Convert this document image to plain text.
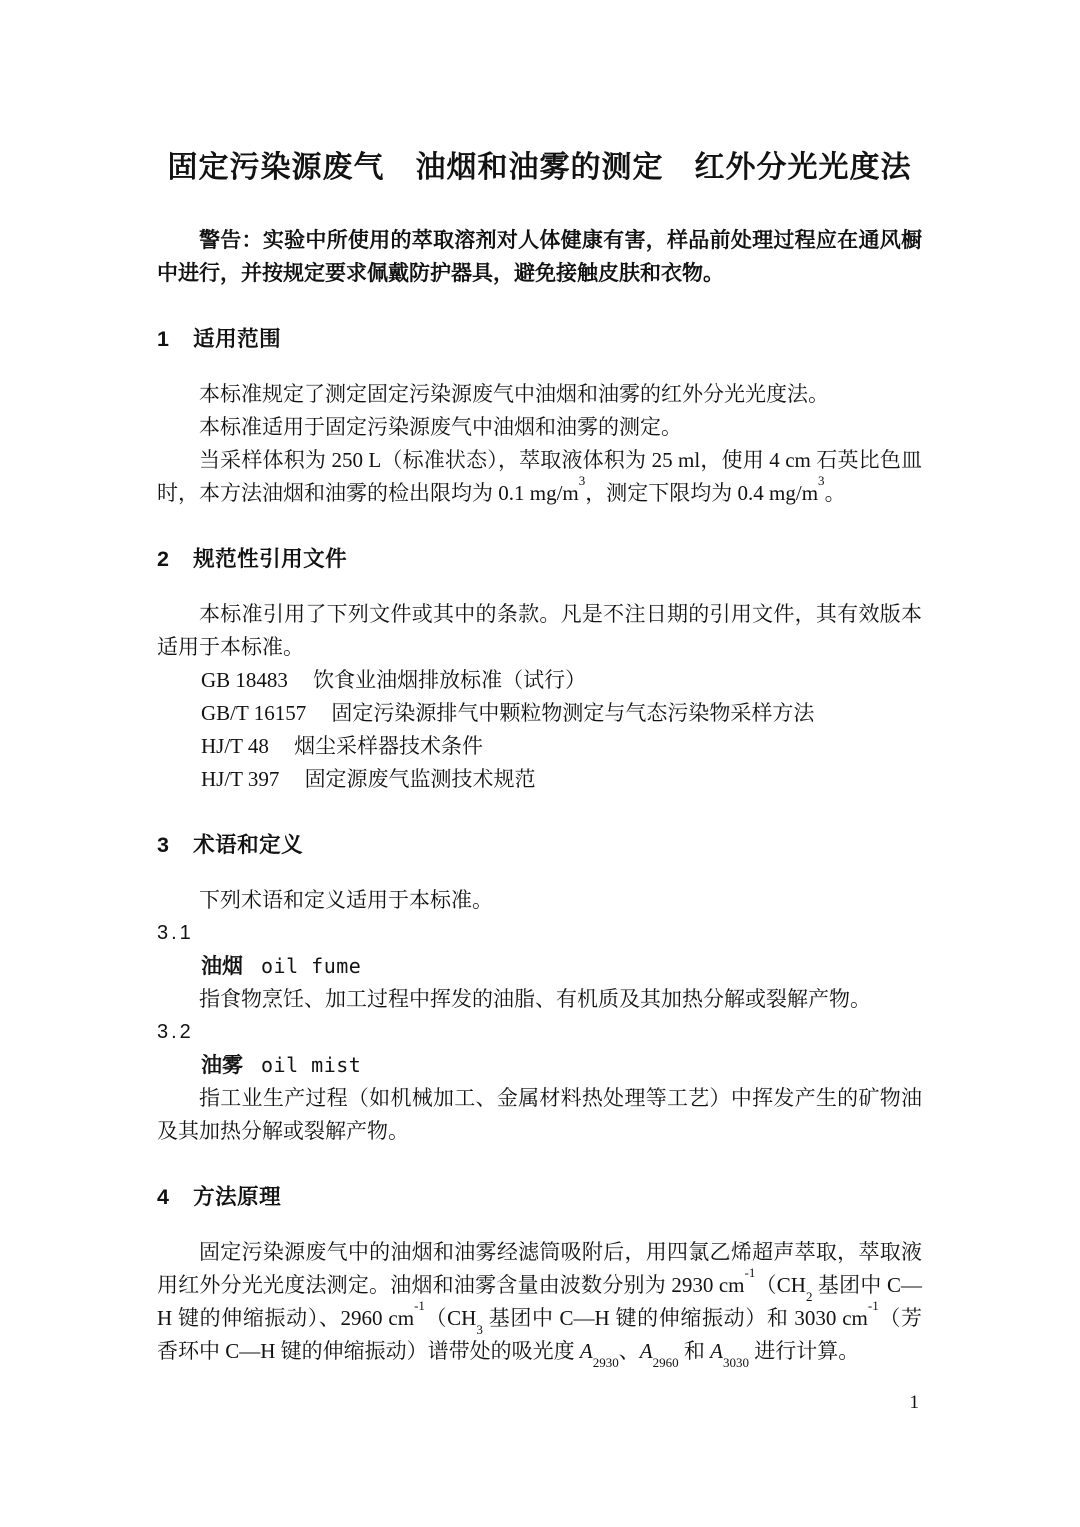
固定污染源废气　油烟和油雾的测定　红外分光光度法

警告：实验中所使用的萃取溶剂对人体健康有害，样品前处理过程应在通风橱中进行，并按规定要求佩戴防护器具，避免接触皮肤和衣物。

1 适用范围

本标准规定了测定固定污染源废气中油烟和油雾的红外分光光度法。

本标准适用于固定污染源废气中油烟和油雾的测定。

当采样体积为 250 L（标准状态），萃取液体积为 25 ml，使用 4 cm 石英比色皿时，本方法油烟和油雾的检出限均为 0.1 $mg/m^3$，测定下限均为 0.4 $mg/m^3$。

2 规范性引用文件

本标准引用了下列文件或其中的条款。凡是不注日期的引用文件，其有效版本适用于本标准。

GB 18483 饮食业油烟排放标准（试行）

GB/T 16157 固定污染源排气中颗粒物测定与气态污染物采样方法

HJ/T 48 烟尘采样器技术条件

HJ/T 397 固定源废气监测技术规范

3 术语和定义

下列术语和定义适用于本标准。

3.1

油烟 oil fume

指食物烹饪、加工过程中挥发的油脂、有机质及其加热分解或裂解产物。

3.2

油雾 oil mist

指工业生产过程（如机械加工、金属材料热处理等工艺）中挥发产生的矿物油及其加热分解或裂解产物。

4 方法原理

固定污染源废气中的油烟和油雾经滤筒吸附后，用四氯乙烯超声萃取，萃取液用红外分光光度法测定。油烟和油雾含量由波数分别为 2930 $cm^{-1}(CH_2$ 基团中 C—H 键的伸缩振动）、2960 $cm^{-1}(CH_3$ 基团中 C—H 键的伸缩振动）和 3030 $cm^{-1}$（芳香环中 C—H 键的伸缩振动）谱带处的吸光度 $A_{2930}$、$A_{2960}$ 和 $A_{3030}$ 进行计算。

1
